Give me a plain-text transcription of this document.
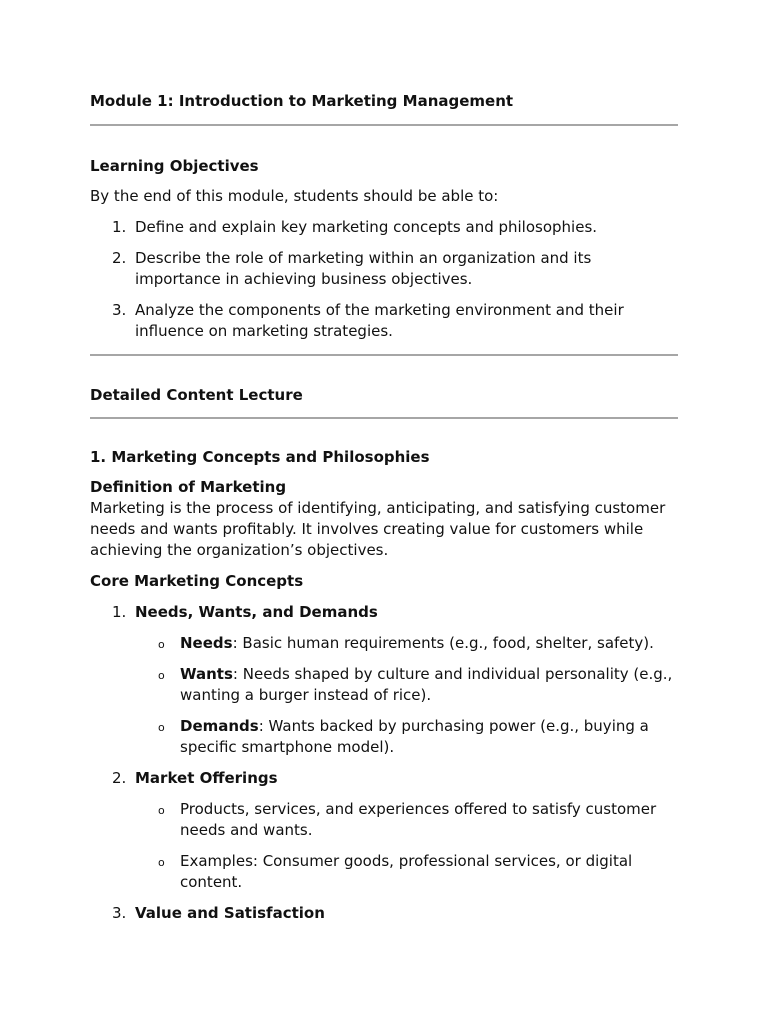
Module 1: Introduction to Marketing Management

Learning Objectives

By the end of this module, students should be able to:

1. Define and explain key marketing concepts and philosophies.
2. Describe the role of marketing within an organization and its importance in achieving business objectives.
3. Analyze the components of the marketing environment and their influence on marketing strategies.

Detailed Content Lecture

1. Marketing Concepts and Philosophies

Definition of Marketing

Marketing is the process of identifying, anticipating, and satisfying customer needs and wants profitably. It involves creating value for customers while achieving the organization’s objectives.

Core Marketing Concepts

1. Needs, Wants, and Demands
o Needs: Basic human requirements (e.g., food, shelter, safety).
o Wants: Needs shaped by culture and individual personality (e.g., wanting a burger instead of rice).
o Demands: Wants backed by purchasing power (e.g., buying a specific smartphone model).
2. Market Offerings
o Products, services, and experiences offered to satisfy customer needs and wants.
o Examples: Consumer goods, professional services, or digital content.
3. Value and Satisfaction
